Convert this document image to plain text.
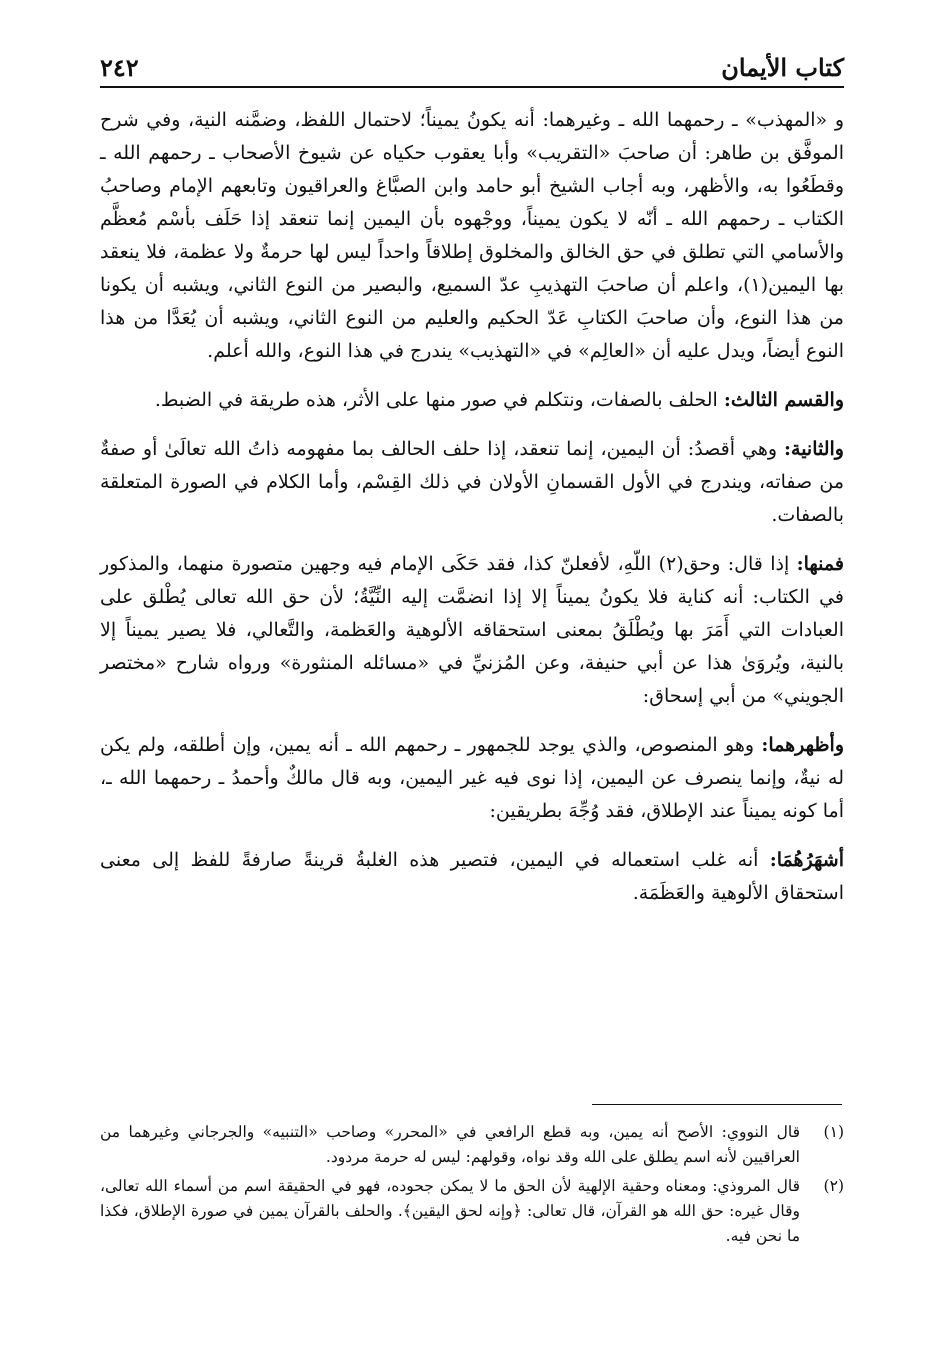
كتاب الأيمان
٢٤٢

و «المهذب» ـ رحمهما الله ـ وغيرهما: أنه يكونُ يميناً؛ لاحتمال اللفظ، وضمَّنه النية، وفي شرح الموفَّق بن طاهر: أن صاحبَ «التقريب» وأبا يعقوب حكياه عن شيوخ الأصحاب ـ رحمهم الله ـ وقطَعُوا به، والأظهر، وبه أجاب الشيخ أبو حامد وابن الصبَّاغ والعراقيون وتابعهم الإمام وصاحبُ الكتاب ـ رحمهم الله ـ أنّه لا يكون يميناً، ووجْهوه بأن اليمين إنما تنعقد إذا حَلَف بأسْم مُعظَّم والأسامي التي تطلق في حق الخالق والمخلوق إطلاقاً واحداً ليس لها حرمةٌ ولا عظمة، فلا ينعقد بها اليمين(١)، واعلم أن صاحبَ التهذيبِ عدّ السميع، والبصير من النوع الثاني، ويشبه أن يكونا من هذا النوع، وأن صاحبَ الكتابِ عَدّ الحكيم والعليم من النوع الثاني، ويشبه أن يُعَدَّا من هذا النوع أيضاً، ويدل عليه أن «العالِم» في «التهذيب» يندرج في هذا النوع، والله أعلم.

والقسم الثالث: الحلف بالصفات، ونتكلم في صور منها على الأثر، هذه طريقة في الضبط.

والثانية: وهي أقصدُ: أن اليمين، إنما تنعقد، إذا حلف الحالف بما مفهومه ذاتُ الله تعالَىٰ أو صفةٌ من صفاته، ويندرج في الأول القسمانِ الأولان في ذلك القِسْم، وأما الكلام في الصورة المتعلقة بالصفات.

فمنها: إذا قال: وحق(٢) اللّهِ، لأفعلنّ كذا، فقد حَكَى الإمام فيه وجهين متصورة منهما، والمذكور في الكتاب: أنه كناية فلا يكونُ يميناً إلا إذا انضمَّت إليه النِّيَّةُ؛ لأن حق الله تعالى يُطْلق على العبادات التي أَمَرَ بها ويُطْلَقُ بمعنى استحقاقه الألوهية والعَظمة، والتَّعالي، فلا يصير يميناً إلا بالنية، ويُروَىٰ هذا عن أبي حنيفة، وعن المُزنيِّ في «مسائله المنثورة» ورواه شارح «مختصر الجويني» من أبي إسحاق:

وأظهرهما: وهو المنصوص، والذي يوجد للجمهور ـ رحمهم الله ـ أنه يمين، وإن أطلقه، ولم يكن له نيةٌ، وإنما ينصرف عن اليمين، إذا نوى فيه غير اليمين، وبه قال مالكٌ وأحمدُ ـ رحمهما الله ـ، أما كونه يميناً عند الإطلاق، فقد وُجِّهَ بطريقين:

أشهَرُهُمَا: أنه غلب استعماله في اليمين، فتصير هذه الغلبةُ قرينةً صارفةً للفظ إلى معنى استحقاق الألوهية والعَظَمَة.

(١)
قال النووي: الأصح أنه يمين، وبه قطع الرافعي في «المحرر» وصاحب «التنبيه» والجرجاني وغيرهما من العراقيين لأنه اسم يطلق على الله وقد نواه، وقولهم: ليس له حرمة مردود.
(٢)
قال المروذي: ومعناه وحقية الإلهية لأن الحق ما لا يمكن جحوده، فهو في الحقيقة اسم من أسماء الله تعالى، وقال غيره: حق الله هو القرآن، قال تعالى: ﴿وإنه لحق اليقين﴾. والحلف بالقرآن يمين في صورة الإطلاق، فكذا ما نحن فيه.
